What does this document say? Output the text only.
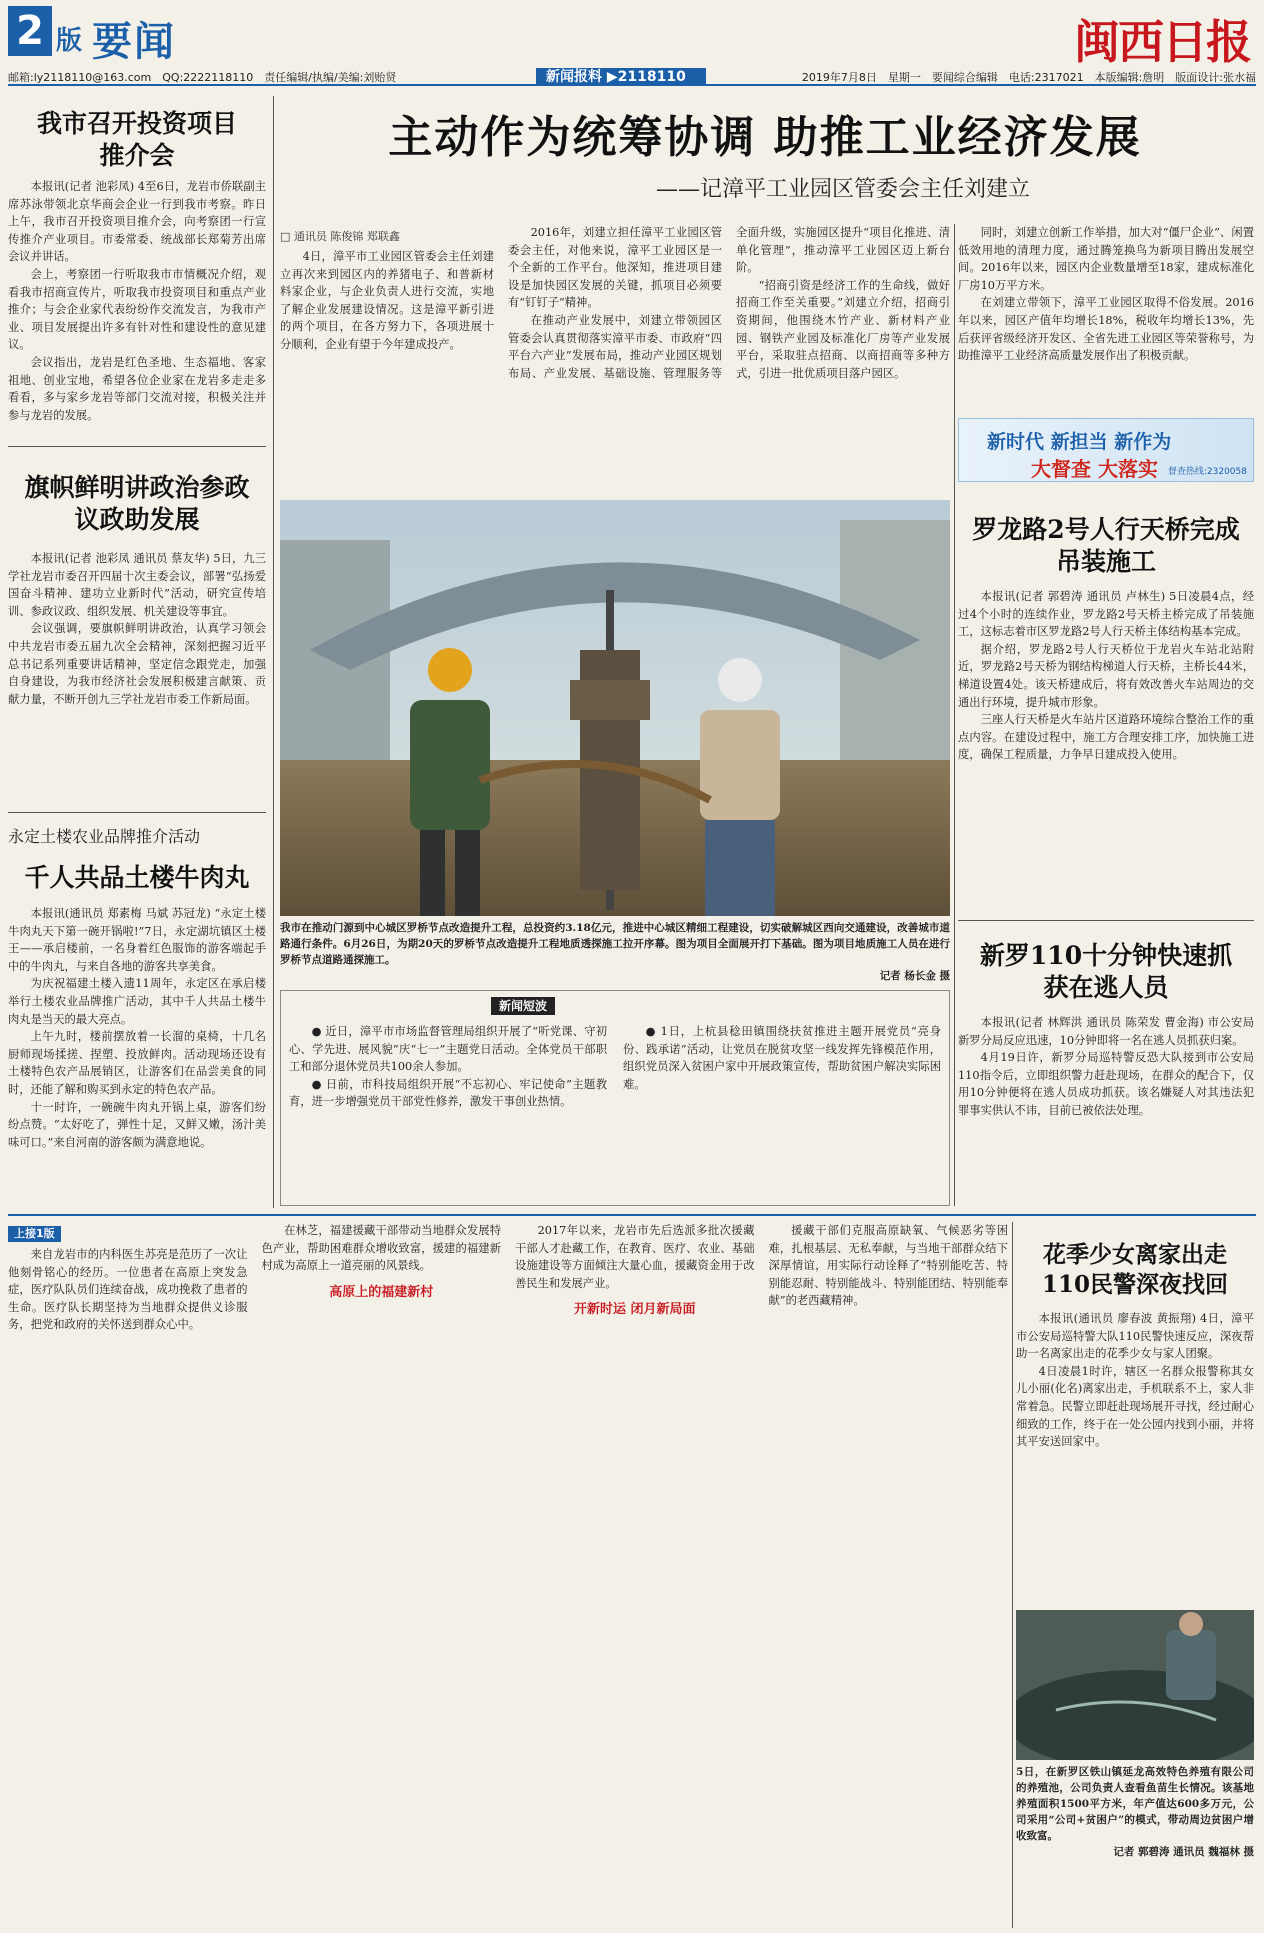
2 版 要闻	闽西日报
邮箱:ly2118110@163.com　QQ:2222118110　责任编辑/执编/美编:刘贻贤	新闻报料 ▶2118110	2019年7月8日　星期一　要闻综合编辑　电话:2317021　本版编辑:詹明　版面设计:张水福
我市召开投资项目推介会

本报讯(记者 池彩凤) 4至6日，龙岩市侨联副主席苏泳带领北京华商会企业一行到我市考察。昨日上午，我市召开投资项目推介会，向考察团一行宣传推介产业项目。市委常委、统战部长郑菊芳出席会议并讲话。

会上，考察团一行听取我市市情概况介绍，观看我市招商宣传片，听取我市投资项目和重点产业推介；与会企业家代表纷纷作交流发言，为我市产业、项目发展提出许多有针对性和建设性的意见建议。

会议指出，龙岩是红色圣地、生态福地、客家祖地、创业宝地，希望各位企业家在龙岩多走走多看看，多与家乡龙岩等部门交流对接，积极关注并参与龙岩的发展。

旗帜鲜明讲政治参政议政助发展

本报讯(记者 池彩凤 通讯员 蔡友华) 5日，九三学社龙岩市委召开四届十次主委会议，部署“弘扬爱国奋斗精神、建功立业新时代”活动，研究宣传培训、参政议政、组织发展、机关建设等事宜。

会议强调，要旗帜鲜明讲政治，认真学习领会中共龙岩市委五届九次全会精神，深刻把握习近平总书记系列重要讲话精神，坚定信念跟党走，加强自身建设，为我市经济社会发展积极建言献策、贡献力量，不断开创九三学社龙岩市委工作新局面。

永定土楼农业品牌推介活动
千人共品土楼牛肉丸

本报讯(通讯员 郑素梅 马斌 苏冠龙) “永定土楼牛肉丸天下第一碗开锅啦!”7日，永定湖坑镇区土楼王——承启楼前，一名身着红色服饰的游客端起手中的牛肉丸，与来自各地的游客共享美食。

为庆祝福建土楼入遗11周年，永定区在承启楼举行土楼农业品牌推广活动，其中千人共品土楼牛肉丸是当天的最大亮点。

上午九时，楼前摆放着一长溜的桌椅，十几名厨师现场揉搓、捏塑、投放鲜肉。活动现场还设有土楼特色农产品展销区，让游客们在品尝美食的同时，还能了解和购买到永定的特色农产品。

十一时许，一碗碗牛肉丸开锅上桌，游客们纷纷点赞。“太好吃了，弹性十足，又鲜又嫩，汤汁美味可口。”来自河南的游客颇为满意地说。

主动作为统筹协调 助推工业经济发展
——记漳平工业园区管委会主任刘建立
□ 通讯员 陈俊锦 郑联鑫

4日，漳平市工业园区管委会主任刘建立再次来到园区内的养猪电子、和普新材料家企业，与企业负责人进行交流，实地了解企业发展建设情况。这是漳平新引进的两个项目，在各方努力下，各项进展十分顺利，企业有望于今年建成投产。

2016年，刘建立担任漳平工业园区管委会主任，对他来说，漳平工业园区是一个全新的工作平台。他深知，推进项目建设是加快园区发展的关键，抓项目必须要有“钉钉子”精神。

在推动产业发展中，刘建立带领园区管委会认真贯彻落实漳平市委、市政府“四平台六产业”发展布局，推动产业园区规划布局、产业发展、基础设施、管理服务等全面升级，实施园区提升“项目化推进、清单化管理”，推动漳平工业园区迈上新台阶。

“招商引资是经济工作的生命线，做好招商工作至关重要。”刘建立介绍，招商引资期间，他围绕木竹产业、新材料产业园、钢铁产业园及标准化厂房等产业发展平台，采取驻点招商、以商招商等多种方式，引进一批优质项目落户园区。

同时，刘建立创新工作举措，加大对“僵尸企业”、闲置低效用地的清理力度，通过腾笼换鸟为新项目腾出发展空间。2016年以来，园区内企业数量增至18家，建成标准化厂房10万平方米。

在刘建立带领下，漳平工业园区取得不俗发展。2016年以来，园区产值年均增长18%，税收年均增长13%，先后获评省级经济开发区、全省先进工业园区等荣誉称号，为助推漳平工业经济高质量发展作出了积极贡献。

新时代 新担当 新作为
大督查 大落实 督查热线:2320058
我市在推动门源到中心城区罗桥节点改造提升工程，总投资约3.18亿元，推进中心城区精细工程建设，切实破解城区西向交通建设，改善城市道路通行条件。6月26日，为期20天的罗桥节点改造提升工程地质透探施工拉开序幕。图为项目全面展开打下基础。图为项目地质施工人员在进行罗桥节点道路通探施工。
记者 杨长金 摄
新闻短波
● 近日，漳平市市场监督管理局组织开展了“听党课、守初心、学先进、展风貌”庆“七一”主题党日活动。全体党员干部职工和部分退休党员共100余人参加。
● 日前，市科技局组织开展“不忘初心、牢记使命”主题教育，进一步增强党员干部党性修养，激发干事创业热情。
● 1日，上杭县稔田镇围绕扶贫推进主题开展党员“亮身份、践承诺”活动，让党员在脱贫攻坚一线发挥先锋模范作用，组织党员深入贫困户家中开展政策宣传，帮助贫困户解决实际困难。
罗龙路2号人行天桥完成吊装施工

本报讯(记者 郭碧涛 通讯员 卢林生) 5日凌晨4点，经过4个小时的连续作业，罗龙路2号天桥主桥完成了吊装施工，这标志着市区罗龙路2号人行天桥主体结构基本完成。

据介绍，罗龙路2号人行天桥位于龙岩火车站北站附近，罗龙路2号天桥为钢结构梯道人行天桥，主桥长44米，梯道设置4处。该天桥建成后，将有效改善火车站周边的交通出行环境，提升城市形象。

三座人行天桥是火车站片区道路环境综合整治工作的重点内容。在建设过程中，施工方合理安排工序，加快施工进度，确保工程质量，力争早日建成投入使用。

新罗110十分钟快速抓获在逃人员

本报讯(记者 林辉洪 通讯员 陈荣发 曹金海) 市公安局新罗分局反应迅速，10分钟即将一名在逃人员抓获归案。

4月19日许，新罗分局巡特警反恐大队接到市公安局110指令后，立即组织警力赶赴现场，在群众的配合下，仅用10分钟便将在逃人员成功抓获。该名嫌疑人对其违法犯罪事实供认不讳，目前已被依法处理。

上接1版

来自龙岩市的内科医生苏亮是范历了一次让他刻骨铭心的经历。一位患者在高原上突发急症，医疗队队员们连续奋战，成功挽救了患者的生命。医疗队长期坚持为当地群众提供义诊服务，把党和政府的关怀送到群众心中。

在林芝，福建援藏干部带动当地群众发展特色产业，帮助困难群众增收致富，援建的福建新村成为高原上一道亮丽的风景线。

高原上的福建新村

2017年以来，龙岩市先后选派多批次援藏干部人才赴藏工作，在教育、医疗、农业、基础设施建设等方面倾注大量心血，援藏资金用于改善民生和发展产业。

开新时运 闭月新局面

援藏干部们克服高原缺氧、气候恶劣等困难，扎根基层、无私奉献，与当地干部群众结下深厚情谊，用实际行动诠释了“特别能吃苦、特别能忍耐、特别能战斗、特别能团结、特别能奉献”的老西藏精神。

花季少女离家出走110民警深夜找回

本报讯(通讯员 廖春波 黄振翔) 4日，漳平市公安局巡特警大队110民警快速反应，深夜帮助一名离家出走的花季少女与家人团聚。

4日凌晨1时许，辖区一名群众报警称其女儿小丽(化名)离家出走，手机联系不上，家人非常着急。民警立即赶赴现场展开寻找，经过耐心细致的工作，终于在一处公园内找到小丽，并将其平安送回家中。

5日，在新罗区铁山镇延龙高效特色养殖有限公司的养殖池，公司负责人查看鱼苗生长情况。该基地养殖面积1500平方米，年产值达600多万元，公司采用“公司+贫困户”的模式，带动周边贫困户增收致富。
记者 郭碧涛 通讯员 魏福林 摄
